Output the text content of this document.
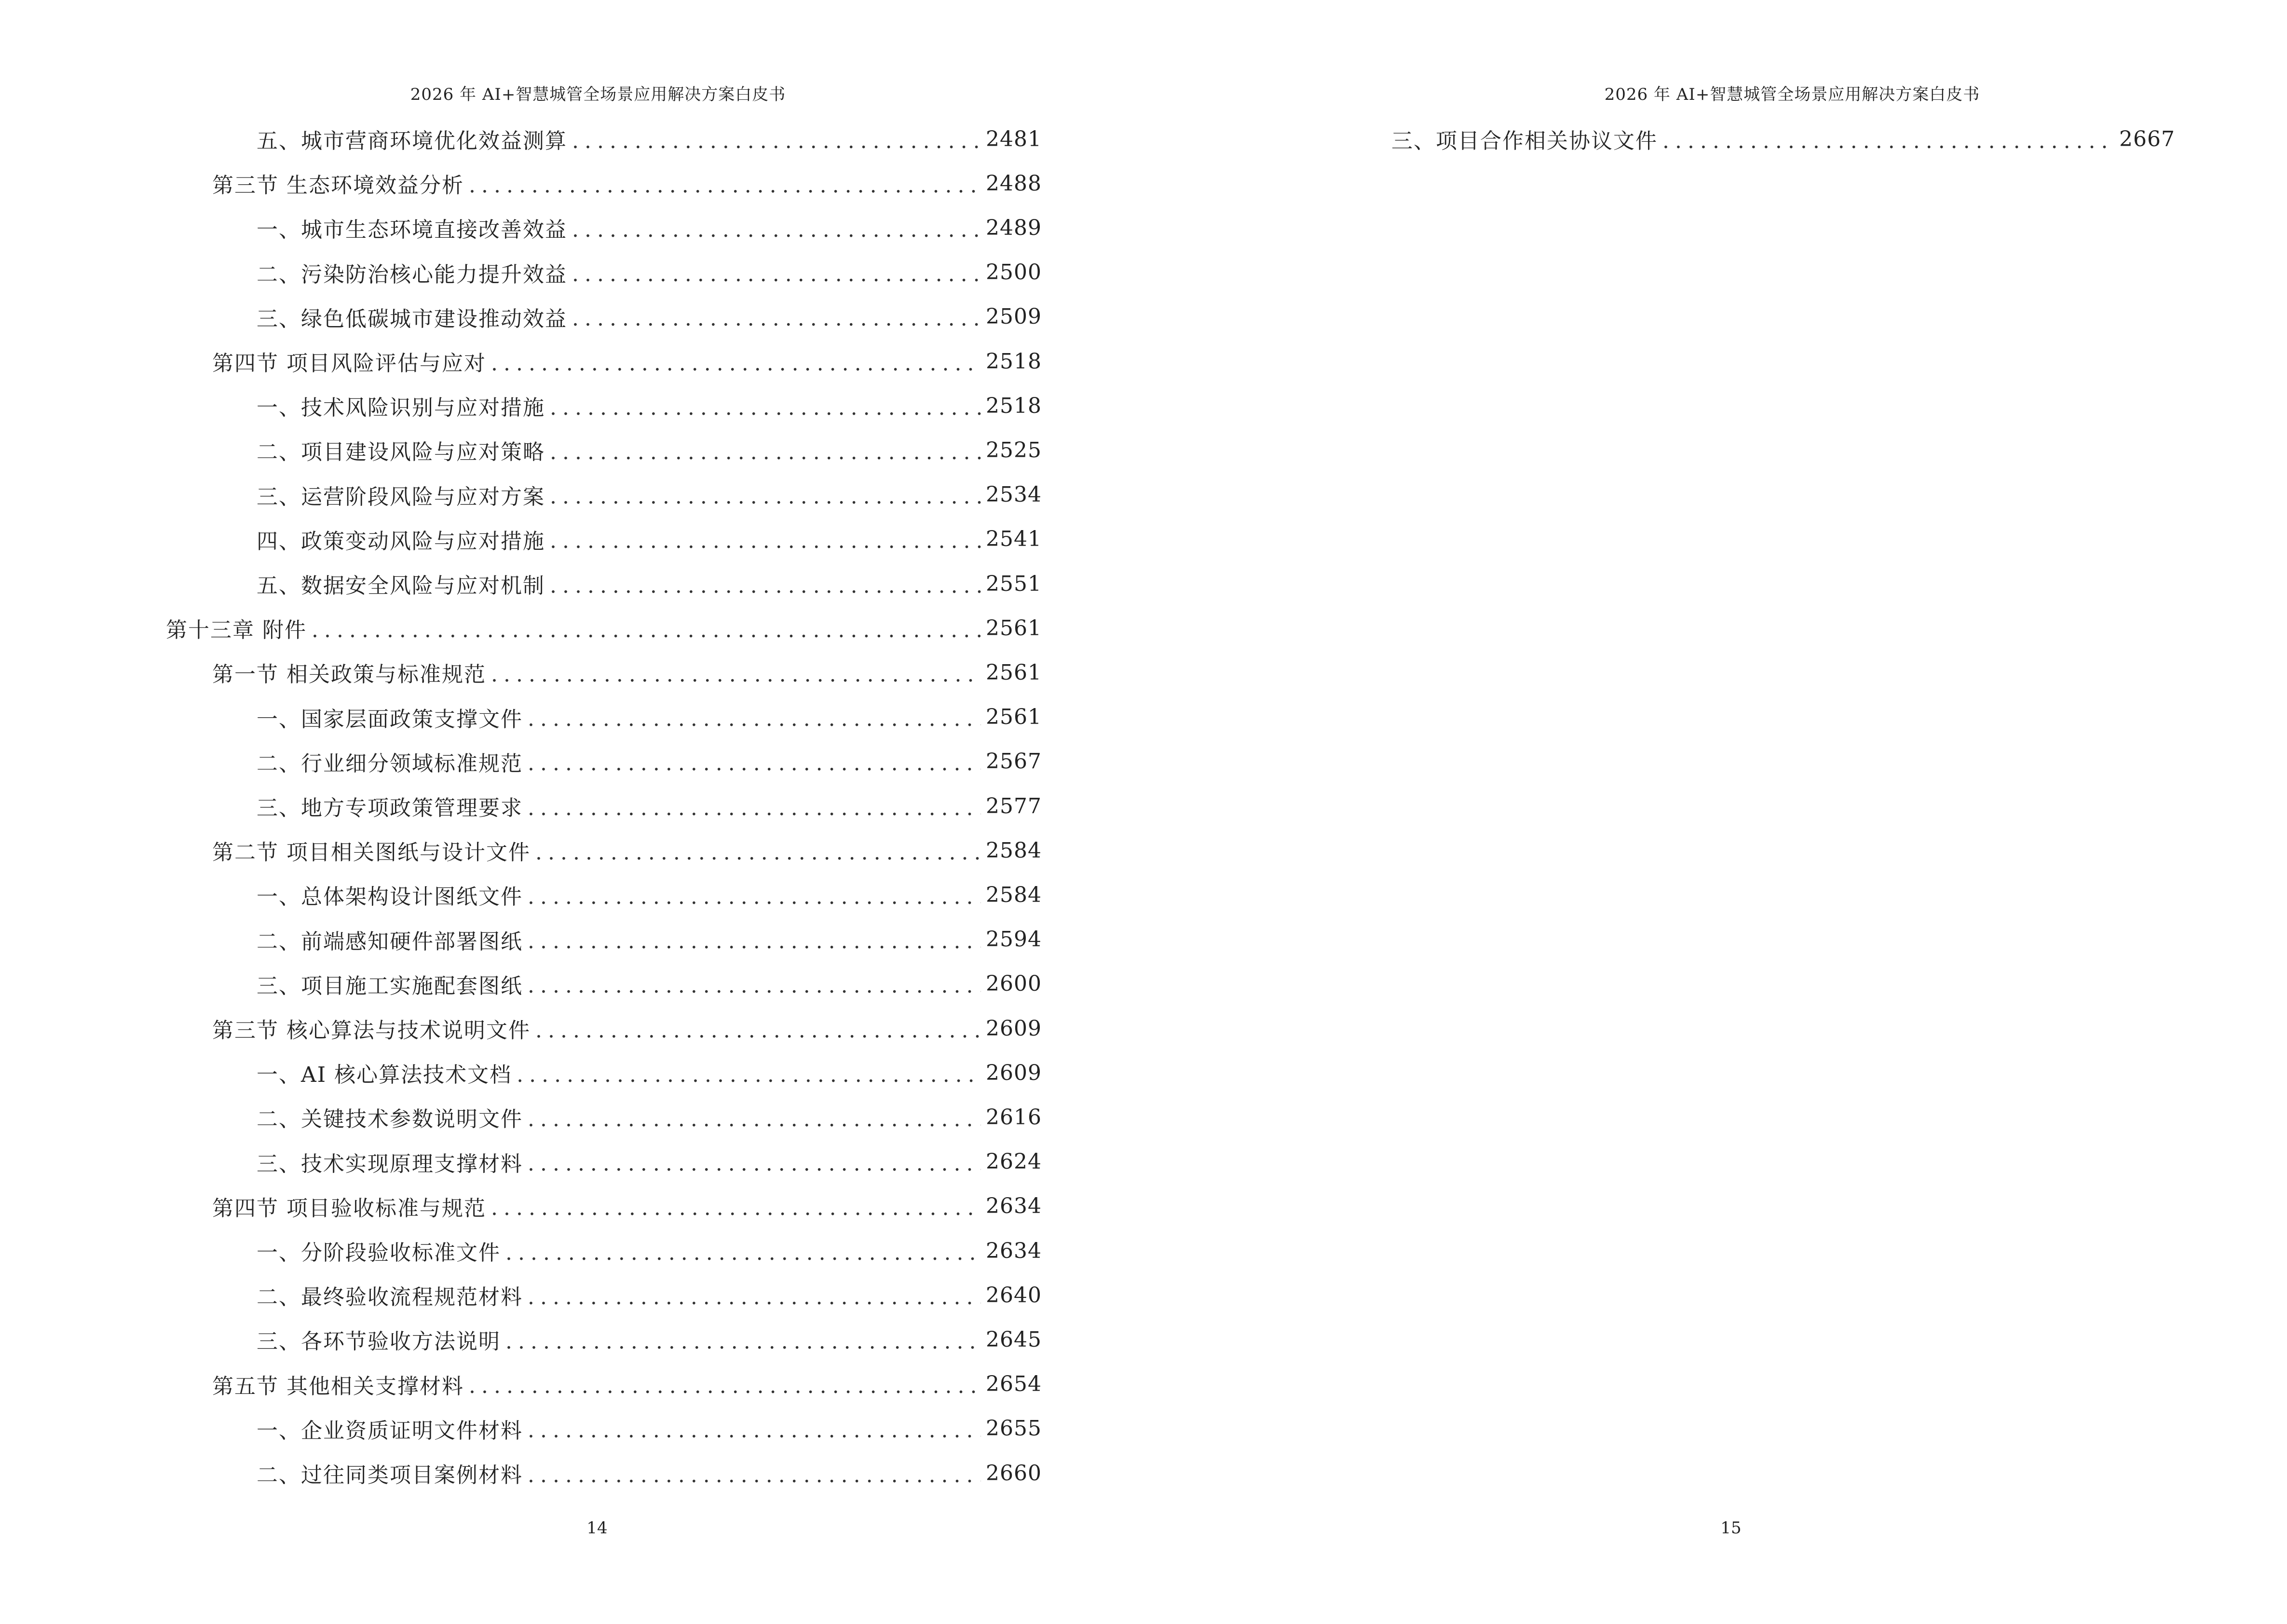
2026 年 AI+智慧城管全场景应用解决方案白皮书
五、城市营商环境优化效益测算 .....	2481
第三节 生态环境效益分析 .....	2488
一、城市生态环境直接改善效益 .....	2489
二、污染防治核心能力提升效益 .....	2500
三、绿色低碳城市建设推动效益 .....	2509
第四节 项目风险评估与应对 .....	2518
一、技术风险识别与应对措施 .....	2518
二、项目建设风险与应对策略 .....	2525
三、运营阶段风险与应对方案 .....	2534
四、政策变动风险与应对措施 .....	2541
五、数据安全风险与应对机制 .....	2551
第十三章 附件 .....	2561
第一节 相关政策与标准规范 .....	2561
一、国家层面政策支撑文件 .....	2561
二、行业细分领域标准规范 .....	2567
三、地方专项政策管理要求 .....	2577
第二节 项目相关图纸与设计文件 .....	2584
一、总体架构设计图纸文件 .....	2584
二、前端感知硬件部署图纸 .....	2594
三、项目施工实施配套图纸 .....	2600
第三节 核心算法与技术说明文件 .....	2609
一、AI 核心算法技术文档 .....	2609
二、关键技术参数说明文件 .....	2616
三、技术实现原理支撑材料 .....	2624
第四节 项目验收标准与规范 .....	2634
一、分阶段验收标准文件 .....	2634
二、最终验收流程规范材料 .....	2640
三、各环节验收方法说明 .....	2645
第五节 其他相关支撑材料 .....	2654
一、企业资质证明文件材料 .....	2655
二、过往同类项目案例材料 .....	2660
14
2026 年 AI+智慧城管全场景应用解决方案白皮书
三、项目合作相关协议文件 .....	2667
15
